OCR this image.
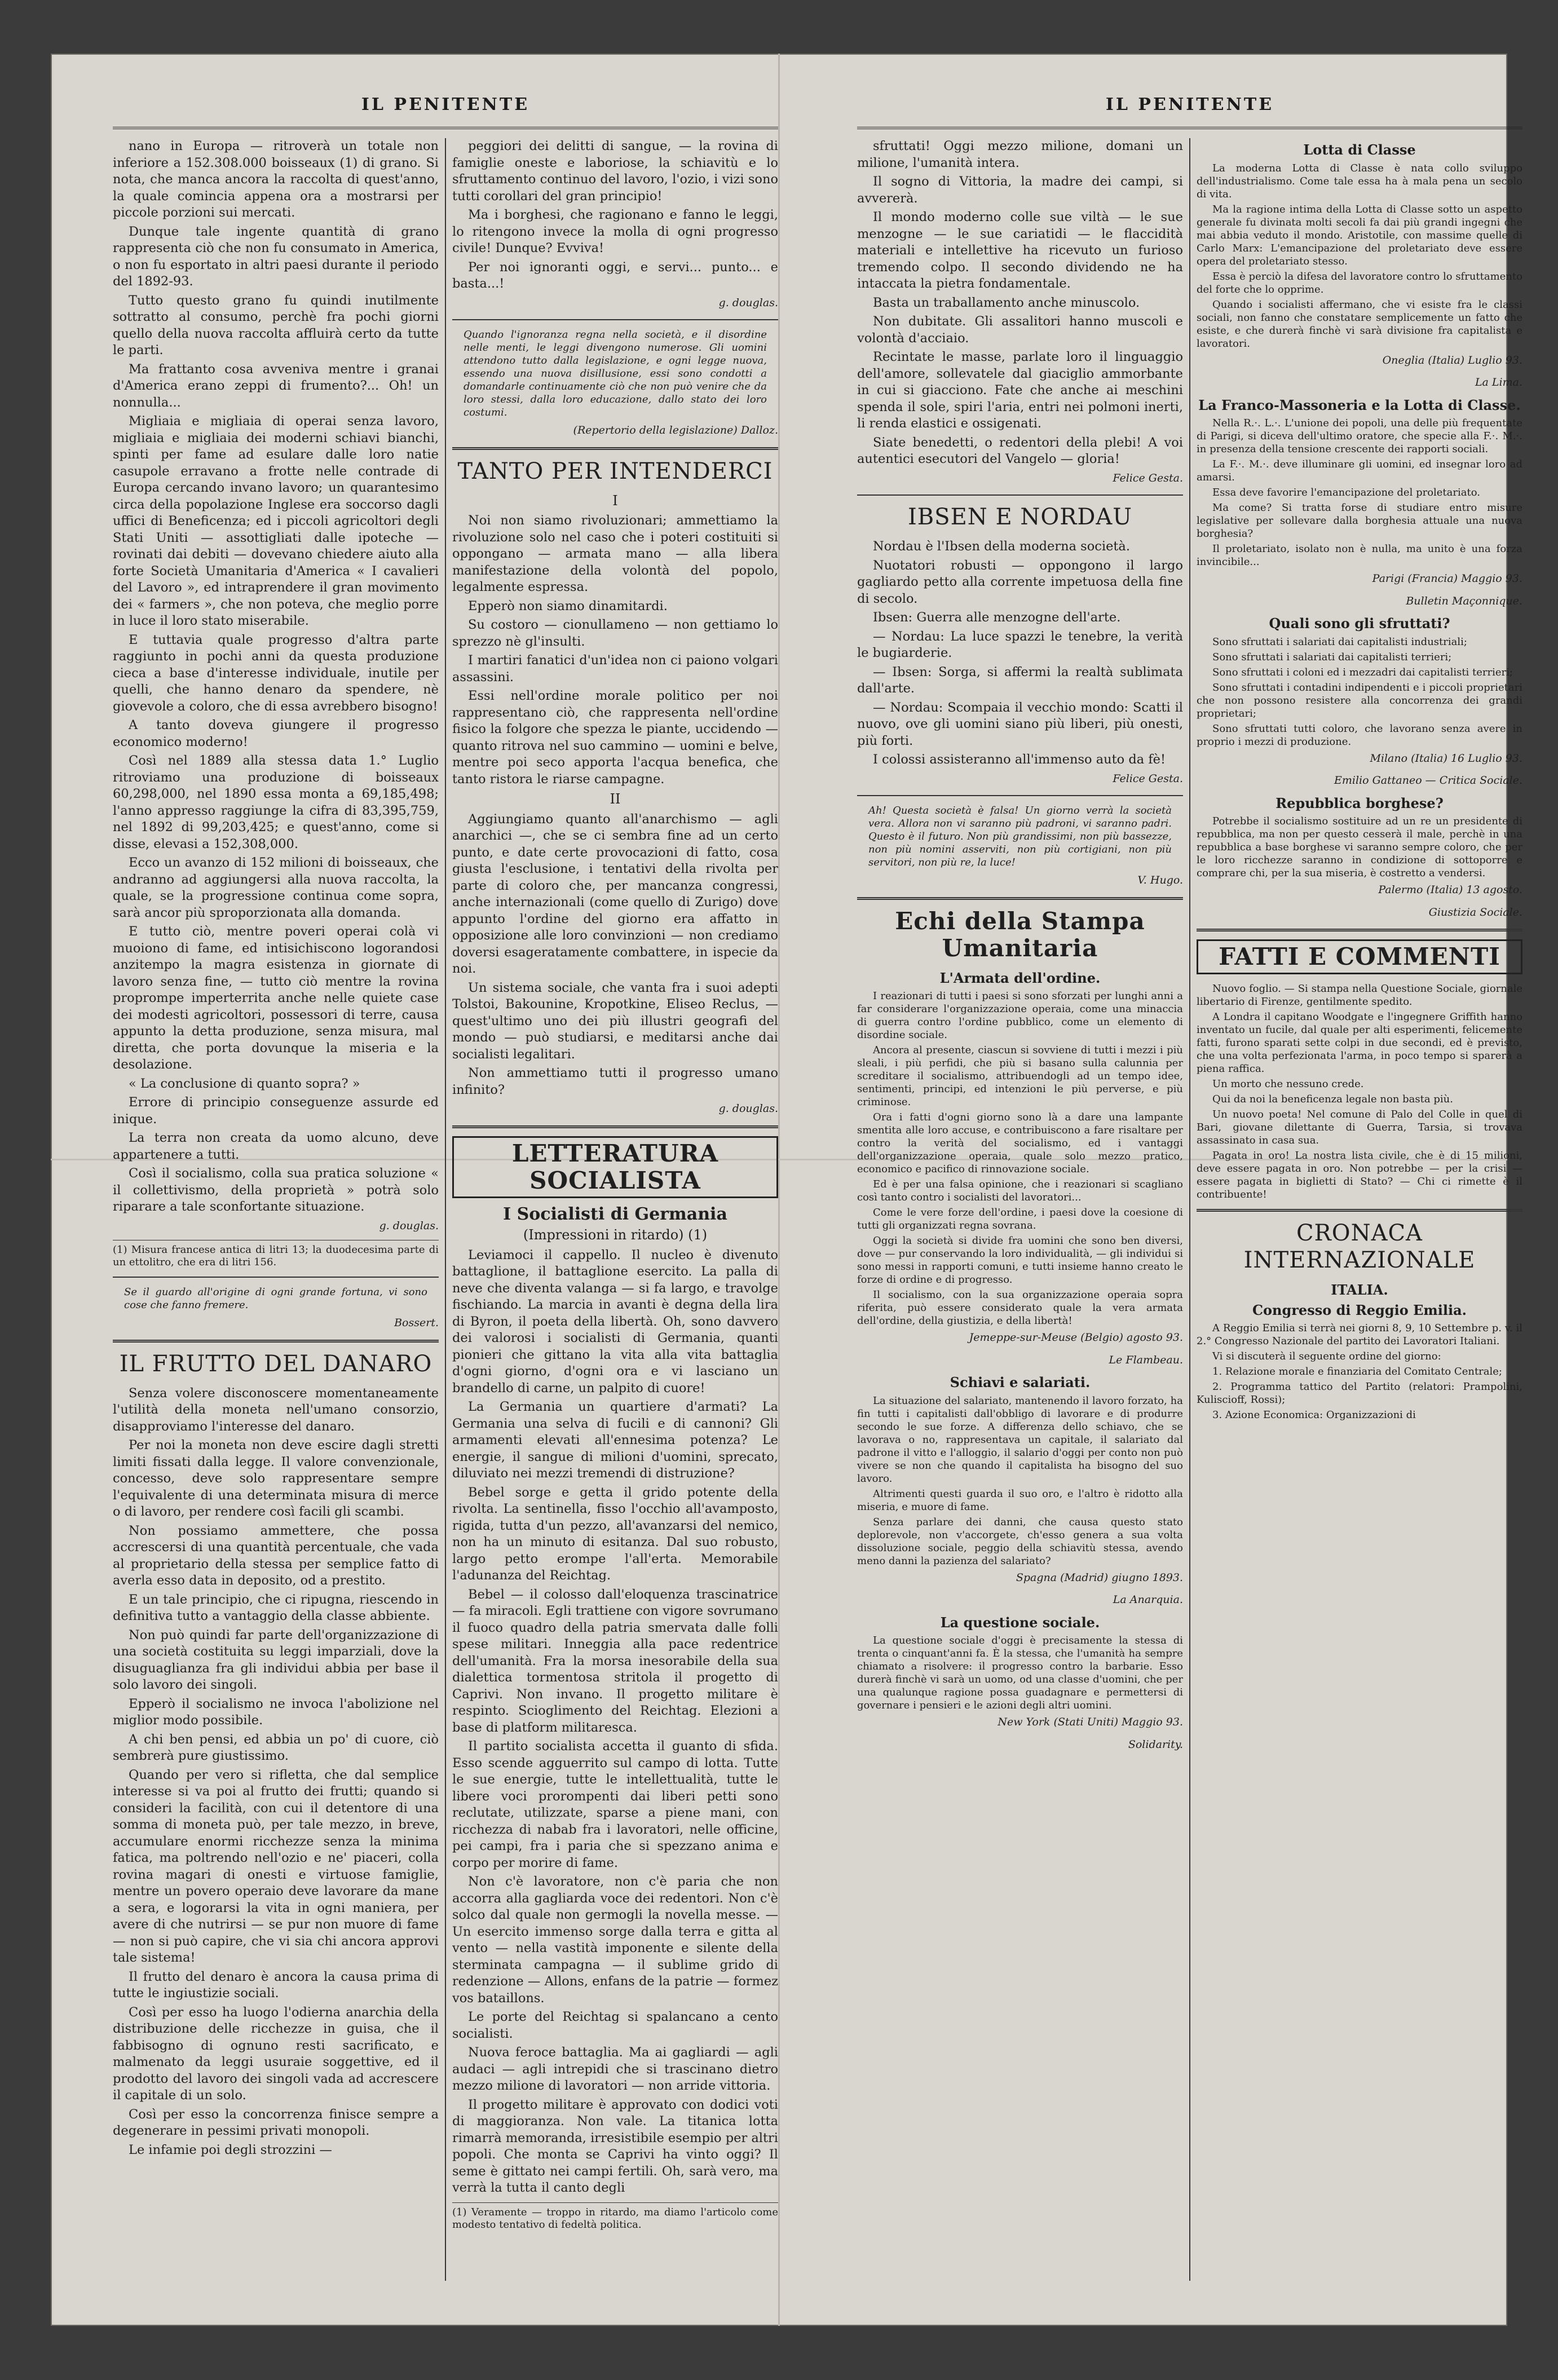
IL PENITENTE

nano in Europa — ritroverà un totale non inferiore a 152.308.000 boisseaux (1) di grano. Si nota, che manca ancora la raccolta di quest'anno, la quale comincia appena ora a mostrarsi per piccole porzioni sui mercati.

Dunque tale ingente quantità di grano rappresenta ciò che non fu consumato in America, o non fu esportato in altri paesi durante il periodo del 1892-93.

Tutto questo grano fu quindi inutilmente sottratto al consumo, perchè fra pochi giorni quello della nuova raccolta affluirà certo da tutte le parti.

Ma frattanto cosa avveniva mentre i granai d'America erano zeppi di frumento?... Oh! un nonnulla...

Migliaia e migliaia di operai senza lavoro, migliaia e migliaia dei moderni schiavi bianchi, spinti per fame ad esulare dalle loro natie casupole erravano a frotte nelle contrade di Europa cercando invano lavoro; un quarantesimo circa della popolazione Inglese era soccorso dagli uffici di Beneficenza; ed i piccoli agricoltori degli Stati Uniti — assottigliati dalle ipoteche — rovinati dai debiti — dovevano chiedere aiuto alla forte Società Umanitaria d'America « I cavalieri del Lavoro », ed intraprendere il gran movimento dei « farmers », che non poteva, che meglio porre in luce il loro stato miserabile.

E tuttavia quale progresso d'altra parte raggiunto in pochi anni da questa produzione cieca a base d'interesse individuale, inutile per quelli, che hanno denaro da spendere, nè giovevole a coloro, che di essa avrebbero bisogno!

A tanto doveva giungere il progresso economico moderno!

Così nel 1889 alla stessa data 1.° Luglio ritroviamo una produzione di boisseaux 60,298,000, nel 1890 essa monta a 69,185,498; l'anno appresso raggiunge la cifra di 83,395,759, nel 1892 di 99,203,425; e quest'anno, come si disse, elevasi a 152,308,000.

Ecco un avanzo di 152 milioni di boisseaux, che andranno ad aggiungersi alla nuova raccolta, la quale, se la progressione continua come sopra, sarà ancor più sproporzionata alla domanda.

E tutto ciò, mentre poveri operai colà vi muoiono di fame, ed intisichiscono logorandosi anzitempo la magra esistenza in giornate di lavoro senza fine, — tutto ciò mentre la rovina proprompe imperterrita anche nelle quiete case dei modesti agricoltori, possessori di terre, causa appunto la detta produzione, senza misura, mal diretta, che porta dovunque la miseria e la desolazione.

« La conclusione di quanto sopra? »

Errore di principio conseguenze assurde ed inique.

La terra non creata da uomo alcuno, deve appartenere a tutti.

Così il socialismo, colla sua pratica soluzione « il collettivismo, della proprietà » potrà solo riparare a tale sconfortante situazione.

g. douglas.
(1) Misura francese antica di litri 13; la duodecesima parte di un ettolitro, che era di litri 156.
Se il guardo all'origine di ogni grande fortuna, vi sono cose che fanno fremere.
Bossert.
IL FRUTTO DEL DANARO

Senza volere disconoscere momentaneamente l'utilità della moneta nell'umano consorzio, disapproviamo l'interesse del danaro.

Per noi la moneta non deve escire dagli stretti limiti fissati dalla legge. Il valore convenzionale, concesso, deve solo rappresentare sempre l'equivalente di una determinata misura di merce o di lavoro, per rendere così facili gli scambi.

Non possiamo ammettere, che possa accrescersi di una quantità percentuale, che vada al proprietario della stessa per semplice fatto di averla esso data in deposito, od a prestito.

E un tale principio, che ci ripugna, riescendo in definitiva tutto a vantaggio della classe abbiente.

Non può quindi far parte dell'organizzazione di una società costituita su leggi imparziali, dove la disuguaglianza fra gli individui abbia per base il solo lavoro dei singoli.

Epperò il socialismo ne invoca l'abolizione nel miglior modo possibile.

A chi ben pensi, ed abbia un po' di cuore, ciò sembrerà pure giustissimo.

Quando per vero si rifletta, che dal semplice interesse si va poi al frutto dei frutti; quando si consideri la facilità, con cui il detentore di una somma di moneta può, per tale mezzo, in breve, accumulare enormi ricchezze senza la minima fatica, ma poltrendo nell'ozio e ne' piaceri, colla rovina magari di onesti e virtuose famiglie, mentre un povero operaio deve lavorare da mane a sera, e logorarsi la vita in ogni maniera, per avere di che nutrirsi — se pur non muore di fame — non si può capire, che vi sia chi ancora approvi tale sistema!

Il frutto del denaro è ancora la causa prima di tutte le ingiustizie sociali.

Così per esso ha luogo l'odierna anarchia della distribuzione delle ricchezze in guisa, che il fabbisogno di ognuno resti sacrificato, e malmenato da leggi usuraie soggettive, ed il prodotto del lavoro dei singoli vada ad accrescere il capitale di un solo.

Così per esso la concorrenza finisce sempre a degenerare in pessimi privati monopoli.

Le infamie poi degli strozzini —

peggiori dei delitti di sangue, — la rovina di famiglie oneste e laboriose, la schiavitù e lo sfruttamento continuo del lavoro, l'ozio, i vizi sono tutti corollari del gran principio!

Ma i borghesi, che ragionano e fanno le leggi, lo ritengono invece la molla di ogni progresso civile! Dunque? Evviva!

Per noi ignoranti oggi, e servi... punto... e basta...!

g. douglas.
Quando l'ignoranza regna nella società, e il disordine nelle menti, le leggi divengono numerose. Gli uomini attendono tutto dalla legislazione, e ogni legge nuova, essendo una nuova disillusione, essi sono condotti a domandarle continuamente ciò che non può venire che da loro stessi, dalla loro educazione, dallo stato dei loro costumi.
(Repertorio della legislazione) Dalloz.
TANTO PER INTENDERCI
I

Noi non siamo rivoluzionari; ammettiamo la rivoluzione solo nel caso che i poteri costituiti si oppongano — armata mano — alla libera manifestazione della volontà del popolo, legalmente espressa.

Epperò non siamo dinamitardi.

Su costoro — cionullameno — non gettiamo lo sprezzo nè gl'insulti.

I martiri fanatici d'un'idea non ci paiono volgari assassini.

Essi nell'ordine morale politico per noi rappresentano ciò, che rappresenta nell'ordine fisico la folgore che spezza le piante, uccidendo — quanto ritrova nel suo cammino — uomini e belve, mentre poi seco apporta l'acqua benefica, che tanto ristora le riarse campagne.

II

Aggiungiamo quanto all'anarchismo — agli anarchici —, che se ci sembra fine ad un certo punto, e date certe provocazioni di fatto, cosa giusta l'esclusione, i tentativi della rivolta per parte di coloro che, per mancanza congressi, anche internazionali (come quello di Zurigo) dove appunto l'ordine del giorno era affatto in opposizione alle loro convinzioni — non crediamo doversi esageratamente combattere, in ispecie da noi.

Un sistema sociale, che vanta fra i suoi adepti Tolstoi, Bakounine, Kropotkine, Eliseo Reclus, — quest'ultimo uno dei più illustri geografi del mondo — può studiarsi, e meditarsi anche dai socialisti legalitari.

Non ammettiamo tutti il progresso umano infinito?

g. douglas.
LETTERATURA SOCIALISTA
I Socialisti di Germania
(Impressioni in ritardo) (1)

Leviamoci il cappello. Il nucleo è divenuto battaglione, il battaglione esercito. La palla di neve che diventa valanga — si fa largo, e travolge fischiando. La marcia in avanti è degna della lira di Byron, il poeta della libertà. Oh, sono davvero dei valorosi i socialisti di Germania, quanti pionieri che gittano la vita alla vita battaglia d'ogni giorno, d'ogni ora e vi lasciano un brandello di carne, un palpito di cuore!

La Germania un quartiere d'armati? La Germania una selva di fucili e di cannoni? Gli armamenti elevati all'ennesima potenza? Le energie, il sangue di milioni d'uomini, sprecato, diluviato nei mezzi tremendi di distruzione?

Bebel sorge e getta il grido potente della rivolta. La sentinella, fisso l'occhio all'avamposto, rigida, tutta d'un pezzo, all'avanzarsi del nemico, non ha un minuto di esitanza. Dal suo robusto, largo petto erompe l'all'erta. Memorabile l'adunanza del Reichtag.

Bebel — il colosso dall'eloquenza trascinatrice — fa miracoli. Egli trattiene con vigore sovrumano il fuoco quadro della patria smervata dalle folli spese militari. Inneggia alla pace redentrice dell'umanità. Fra la morsa inesorabile della sua dialettica tormentosa stritola il progetto di Caprivi. Non invano. Il progetto militare è respinto. Scioglimento del Reichtag. Elezioni a base di platform militaresca.

Il partito socialista accetta il guanto di sfida. Esso scende agguerrito sul campo di lotta. Tutte le sue energie, tutte le intellettualità, tutte le libere voci prorompenti dai liberi petti sono reclutate, utilizzate, sparse a piene mani, con ricchezza di nabab fra i lavoratori, nelle officine, pei campi, fra i paria che si spezzano anima e corpo per morire di fame.

Non c'è lavoratore, non c'è paria che non accorra alla gagliarda voce dei redentori. Non c'è solco dal quale non germogli la novella messe. — Un esercito immenso sorge dalla terra e gitta al vento — nella vastità imponente e silente della sterminata campagna — il sublime grido di redenzione — Allons, enfans de la patrie — formez vos bataillons.

Le porte del Reichtag si spalancano a cento socialisti.

Nuova feroce battaglia. Ma ai gagliardi — agli audaci — agli intrepidi che si trascinano dietro mezzo milione di lavoratori — non arride vittoria.

Il progetto militare è approvato con dodici voti di maggioranza. Non vale. La titanica lotta rimarrà memoranda, irresistibile esempio per altri popoli. Che monta se Caprivi ha vinto oggi? Il seme è gittato nei campi fertili. Oh, sarà vero, ma verrà la tutta il canto degli

(1) Veramente — troppo in ritardo, ma diamo l'articolo come modesto tentativo di fedeltà politica.
IL PENITENTE

sfruttati! Oggi mezzo milione, domani un milione, l'umanità intera.

Il sogno di Vittoria, la madre dei campi, si avvererà.

Il mondo moderno colle sue viltà — le sue menzogne — le sue cariatidi — le flaccidità materiali e intellettive ha ricevuto un furioso tremendo colpo. Il secondo dividendo ne ha intaccata la pietra fondamentale.

Basta un traballamento anche minuscolo.

Non dubitate. Gli assalitori hanno muscoli e volontà d'acciaio.

Recintate le masse, parlate loro il linguaggio dell'amore, sollevatele dal giaciglio ammorbante in cui si giacciono. Fate che anche ai meschini spenda il sole, spiri l'aria, entri nei polmoni inerti, li renda elastici e ossigenati.

Siate benedetti, o redentori della plebi! A voi autentici esecutori del Vangelo — gloria!

Felice Gesta.
IBSEN E NORDAU

Nordau è l'Ibsen della moderna società.

Nuotatori robusti — oppongono il largo gagliardo petto alla corrente impetuosa della fine di secolo.

Ibsen: Guerra alle menzogne dell'arte.

— Nordau: La luce spazzi le tenebre, la verità le bugiarderie.

— Ibsen: Sorga, si affermi la realtà sublimata dall'arte.

— Nordau: Scompaia il vecchio mondo: Scatti il nuovo, ove gli uomini siano più liberi, più onesti, più forti.

I colossi assisteranno all'immenso auto da fè!

Felice Gesta.
Ah! Questa società è falsa! Un giorno verrà la società vera. Allora non vi saranno più padroni, vi saranno padri. Questo è il futuro. Non più grandissimi, non più bassezze, non più nomini asserviti, non più cortigiani, non più servitori, non più re, la luce!
V. Hugo.
Echi della Stampa Umanitaria
L'Armata dell'ordine.

I reazionari di tutti i paesi si sono sforzati per lunghi anni a far considerare l'organizzazione operaia, come una minaccia di guerra contro l'ordine pubblico, come un elemento di disordine sociale.

Ancora al presente, ciascun si sovviene di tutti i mezzi i più sleali, i più perfidi, che più si basano sulla calunnia per screditare il socialismo, attribuendogli ad un tempo idee, sentimenti, principi, ed intenzioni le più perverse, e più criminose.

Ora i fatti d'ogni giorno sono là a dare una lampante smentita alle loro accuse, e contribuiscono a fare risaltare per contro la verità del socialismo, ed i vantaggi dell'organizzazione operaia, quale solo mezzo pratico, economico e pacifico di rinnovazione sociale.

Ed è per una falsa opinione, che i reazionari si scagliano così tanto contro i socialisti del lavoratori...

Come le vere forze dell'ordine, i paesi dove la coesione di tutti gli organizzati regna sovrana.

Oggi la società si divide fra uomini che sono ben diversi, dove — pur conservando la loro individualità, — gli individui si sono messi in rapporti comuni, e tutti insieme hanno creato le forze di ordine e di progresso.

Il socialismo, con la sua organizzazione operaia sopra riferita, può essere considerato quale la vera armata dell'ordine, della giustizia, e della libertà!

Jemeppe-sur-Meuse (Belgio) agosto 93.
Le Flambeau.
Schiavi e salariati.

La situazione del salariato, mantenendo il lavoro forzato, ha fin tutti i capitalisti dall'obbligo di lavorare e di produrre secondo le sue forze. A differenza dello schiavo, che se lavorava o no, rappresentava un capitale, il salariato dal padrone il vitto e l'alloggio, il salario d'oggi per conto non può vivere se non che quando il capitalista ha bisogno del suo lavoro.

Altrimenti questi guarda il suo oro, e l'altro è ridotto alla miseria, e muore di fame.

Senza parlare dei danni, che causa questo stato deplorevole, non v'accorgete, ch'esso genera a sua volta dissoluzione sociale, peggio della schiavitù stessa, avendo meno danni la pazienza del salariato?

Spagna (Madrid) giugno 1893.
La Anarquia.
La questione sociale.

La questione sociale d'oggi è precisamente la stessa di trenta o cinquant'anni fa. È la stessa, che l'umanità ha sempre chiamato a risolvere: il progresso contro la barbarie. Esso durerà finchè vi sarà un uomo, od una classe d'uomini, che per una qualunque ragione possa guadagnare e permettersi di governare i pensieri e le azioni degli altri uomini.

New York (Stati Uniti) Maggio 93.
Solidarity.
Lotta di Classe

La moderna Lotta di Classe è nata collo sviluppo dell'industrialismo. Come tale essa ha à mala pena un secolo di vita.

Ma la ragione intima della Lotta di Classe sotto un aspetto generale fu divinata molti secoli fa dai più grandi ingegni che mai abbia veduto il mondo. Aristotile, con massime quelle di Carlo Marx: L'emancipazione del proletariato deve essere opera del proletariato stesso.

Essa è perciò la difesa del lavoratore contro lo sfruttamento del forte che lo opprime.

Quando i socialisti affermano, che vi esiste fra le classi sociali, non fanno che constatare semplicemente un fatto che esiste, e che durerà finchè vi sarà divisione fra capitalista e lavoratori.

Oneglia (Italia) Luglio 93.
La Lima.
La Franco-Massoneria e la Lotta di Classe.

Nella R.·. L.·. L'unione dei popoli, una delle più frequentate di Parigi, si diceva dell'ultimo oratore, che specie alla F.·. M.·. in presenza della tensione crescente dei rapporti sociali.

La F.·. M.·. deve illuminare gli uomini, ed insegnar loro ad amarsi.

Essa deve favorire l'emancipazione del proletariato.

Ma come? Si tratta forse di studiare entro misure legislative per sollevare dalla borghesia attuale una nuova borghesia?

Il proletariato, isolato non è nulla, ma unito è una forza invincibile...

Parigi (Francia) Maggio 93.
Bulletin Maçonnique.
Quali sono gli sfruttati?

Sono sfruttati i salariati dai capitalisti industriali;

Sono sfruttati i salariati dai capitalisti terrieri;

Sono sfruttati i coloni ed i mezzadri dai capitalisti terrieri;

Sono sfruttati i contadini indipendenti e i piccoli proprietari che non possono resistere alla concorrenza dei grandi proprietari;

Sono sfruttati tutti coloro, che lavorano senza avere in proprio i mezzi di produzione.

Milano (Italia) 16 Luglio 93.
Emilio Gattaneo — Critica Sociale.
Repubblica borghese?

Potrebbe il socialismo sostituire ad un re un presidente di repubblica, ma non per questo cesserà il male, perchè in una repubblica a base borghese vi saranno sempre coloro, che per le loro ricchezze saranno in condizione di sottoporre e comprare chi, per la sua miseria, è costretto a vendersi.

Palermo (Italia) 13 agosto.
Giustizia Sociale.
FATTI E COMMENTI

Nuovo foglio. — Si stampa nella Questione Sociale, giornale libertario di Firenze, gentilmente spedito.

A Londra il capitano Woodgate e l'ingegnere Griffith hanno inventato un fucile, dal quale per alti esperimenti, felicemente fatti, furono sparati sette colpi in due secondi, ed è previsto, che una volta perfezionata l'arma, in poco tempo si sparerà a piena raffica.

Un morto che nessuno crede.

Qui da noi la beneficenza legale non basta più.

Un nuovo poeta! Nel comune di Palo del Colle in quel di Bari, giovane dilettante di Guerra, Tarsia, si trovava assassinato in casa sua.

Pagata in oro! La nostra lista civile, che è di 15 milioni, deve essere pagata in oro. Non potrebbe — per la crisi — essere pagata in biglietti di Stato? — Chi ci rimette è il contribuente!

CRONACA INTERNAZIONALE
ITALIA.
Congresso di Reggio Emilia.

A Reggio Emilia si terrà nei giorni 8, 9, 10 Settembre p. v. il 2.° Congresso Nazionale del partito dei Lavoratori Italiani.

Vi si discuterà il seguente ordine del giorno:

1. Relazione morale e finanziaria del Comitato Centrale;

2. Programma tattico del Partito (relatori: Prampolini, Kuliscioff, Rossi);

3. Azione Economica: Organizzazioni di
